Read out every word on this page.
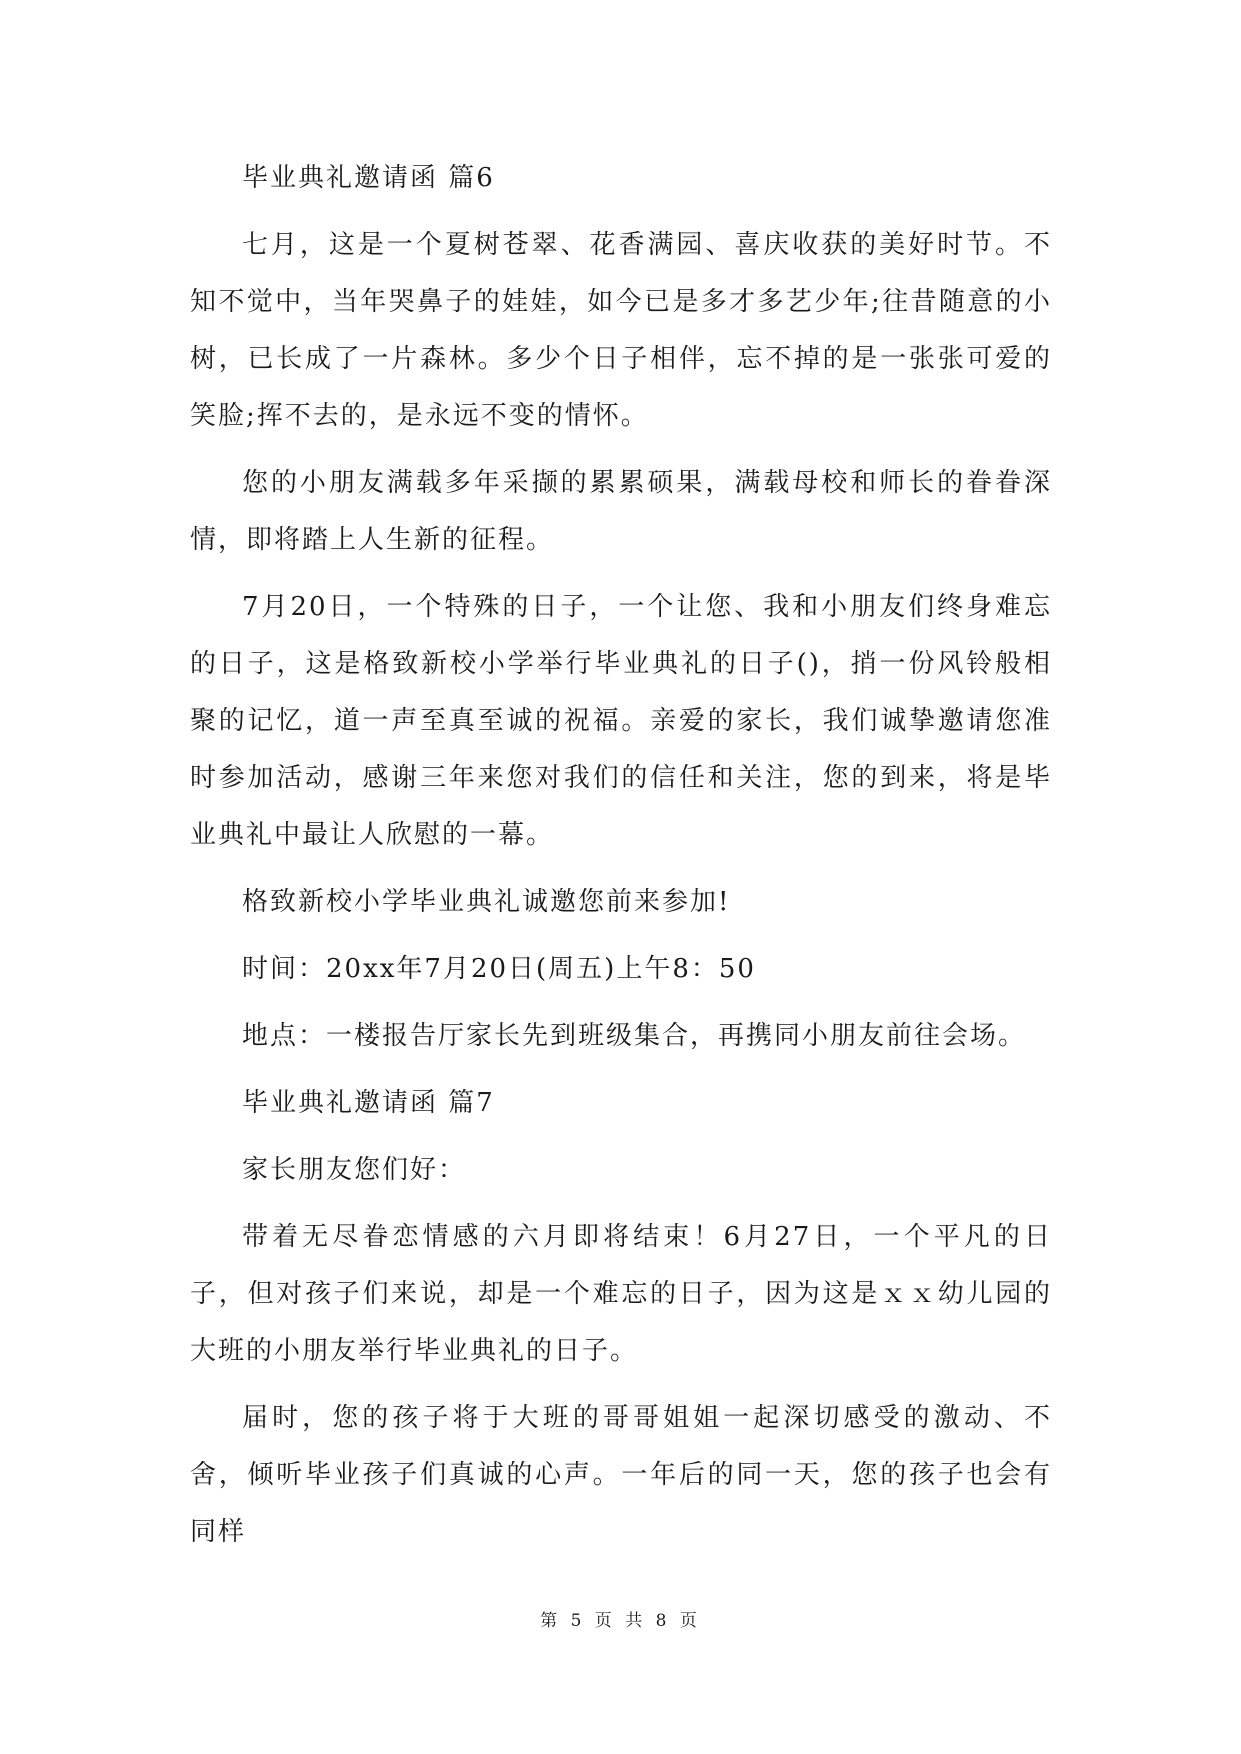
毕业典礼邀请函 篇6

七月，这是一个夏树苍翠、花香满园、喜庆收获的美好时节。不知不觉中，当年哭鼻子的娃娃，如今已是多才多艺少年;往昔随意的小树，已长成了一片森林。多少个日子相伴，忘不掉的是一张张可爱的笑脸;挥不去的，是永远不变的情怀。

您的小朋友满载多年采撷的累累硕果，满载母校和师长的眷眷深情，即将踏上人生新的征程。

7月20日，一个特殊的日子，一个让您、我和小朋友们终身难忘的日子，这是格致新校小学举行毕业典礼的日子()，捎一份风铃般相聚的记忆，道一声至真至诚的祝福。亲爱的家长，我们诚挚邀请您准时参加活动，感谢三年来您对我们的信任和关注，您的到来，将是毕业典礼中最让人欣慰的一幕。

格致新校小学毕业典礼诚邀您前来参加!

时间：20xx年7月20日(周五)上午8：50

地点：一楼报告厅家长先到班级集合，再携同小朋友前往会场。

毕业典礼邀请函 篇7

家长朋友您们好：

带着无尽眷恋情感的六月即将结束！6月27日，一个平凡的日子，但对孩子们来说，却是一个难忘的日子，因为这是ｘｘ幼儿园的大班的小朋友举行毕业典礼的日子。

届时，您的孩子将于大班的哥哥姐姐一起深切感受的激动、不舍，倾听毕业孩子们真诚的心声。一年后的同一天，您的孩子也会有同样

第 5 页 共 8 页
